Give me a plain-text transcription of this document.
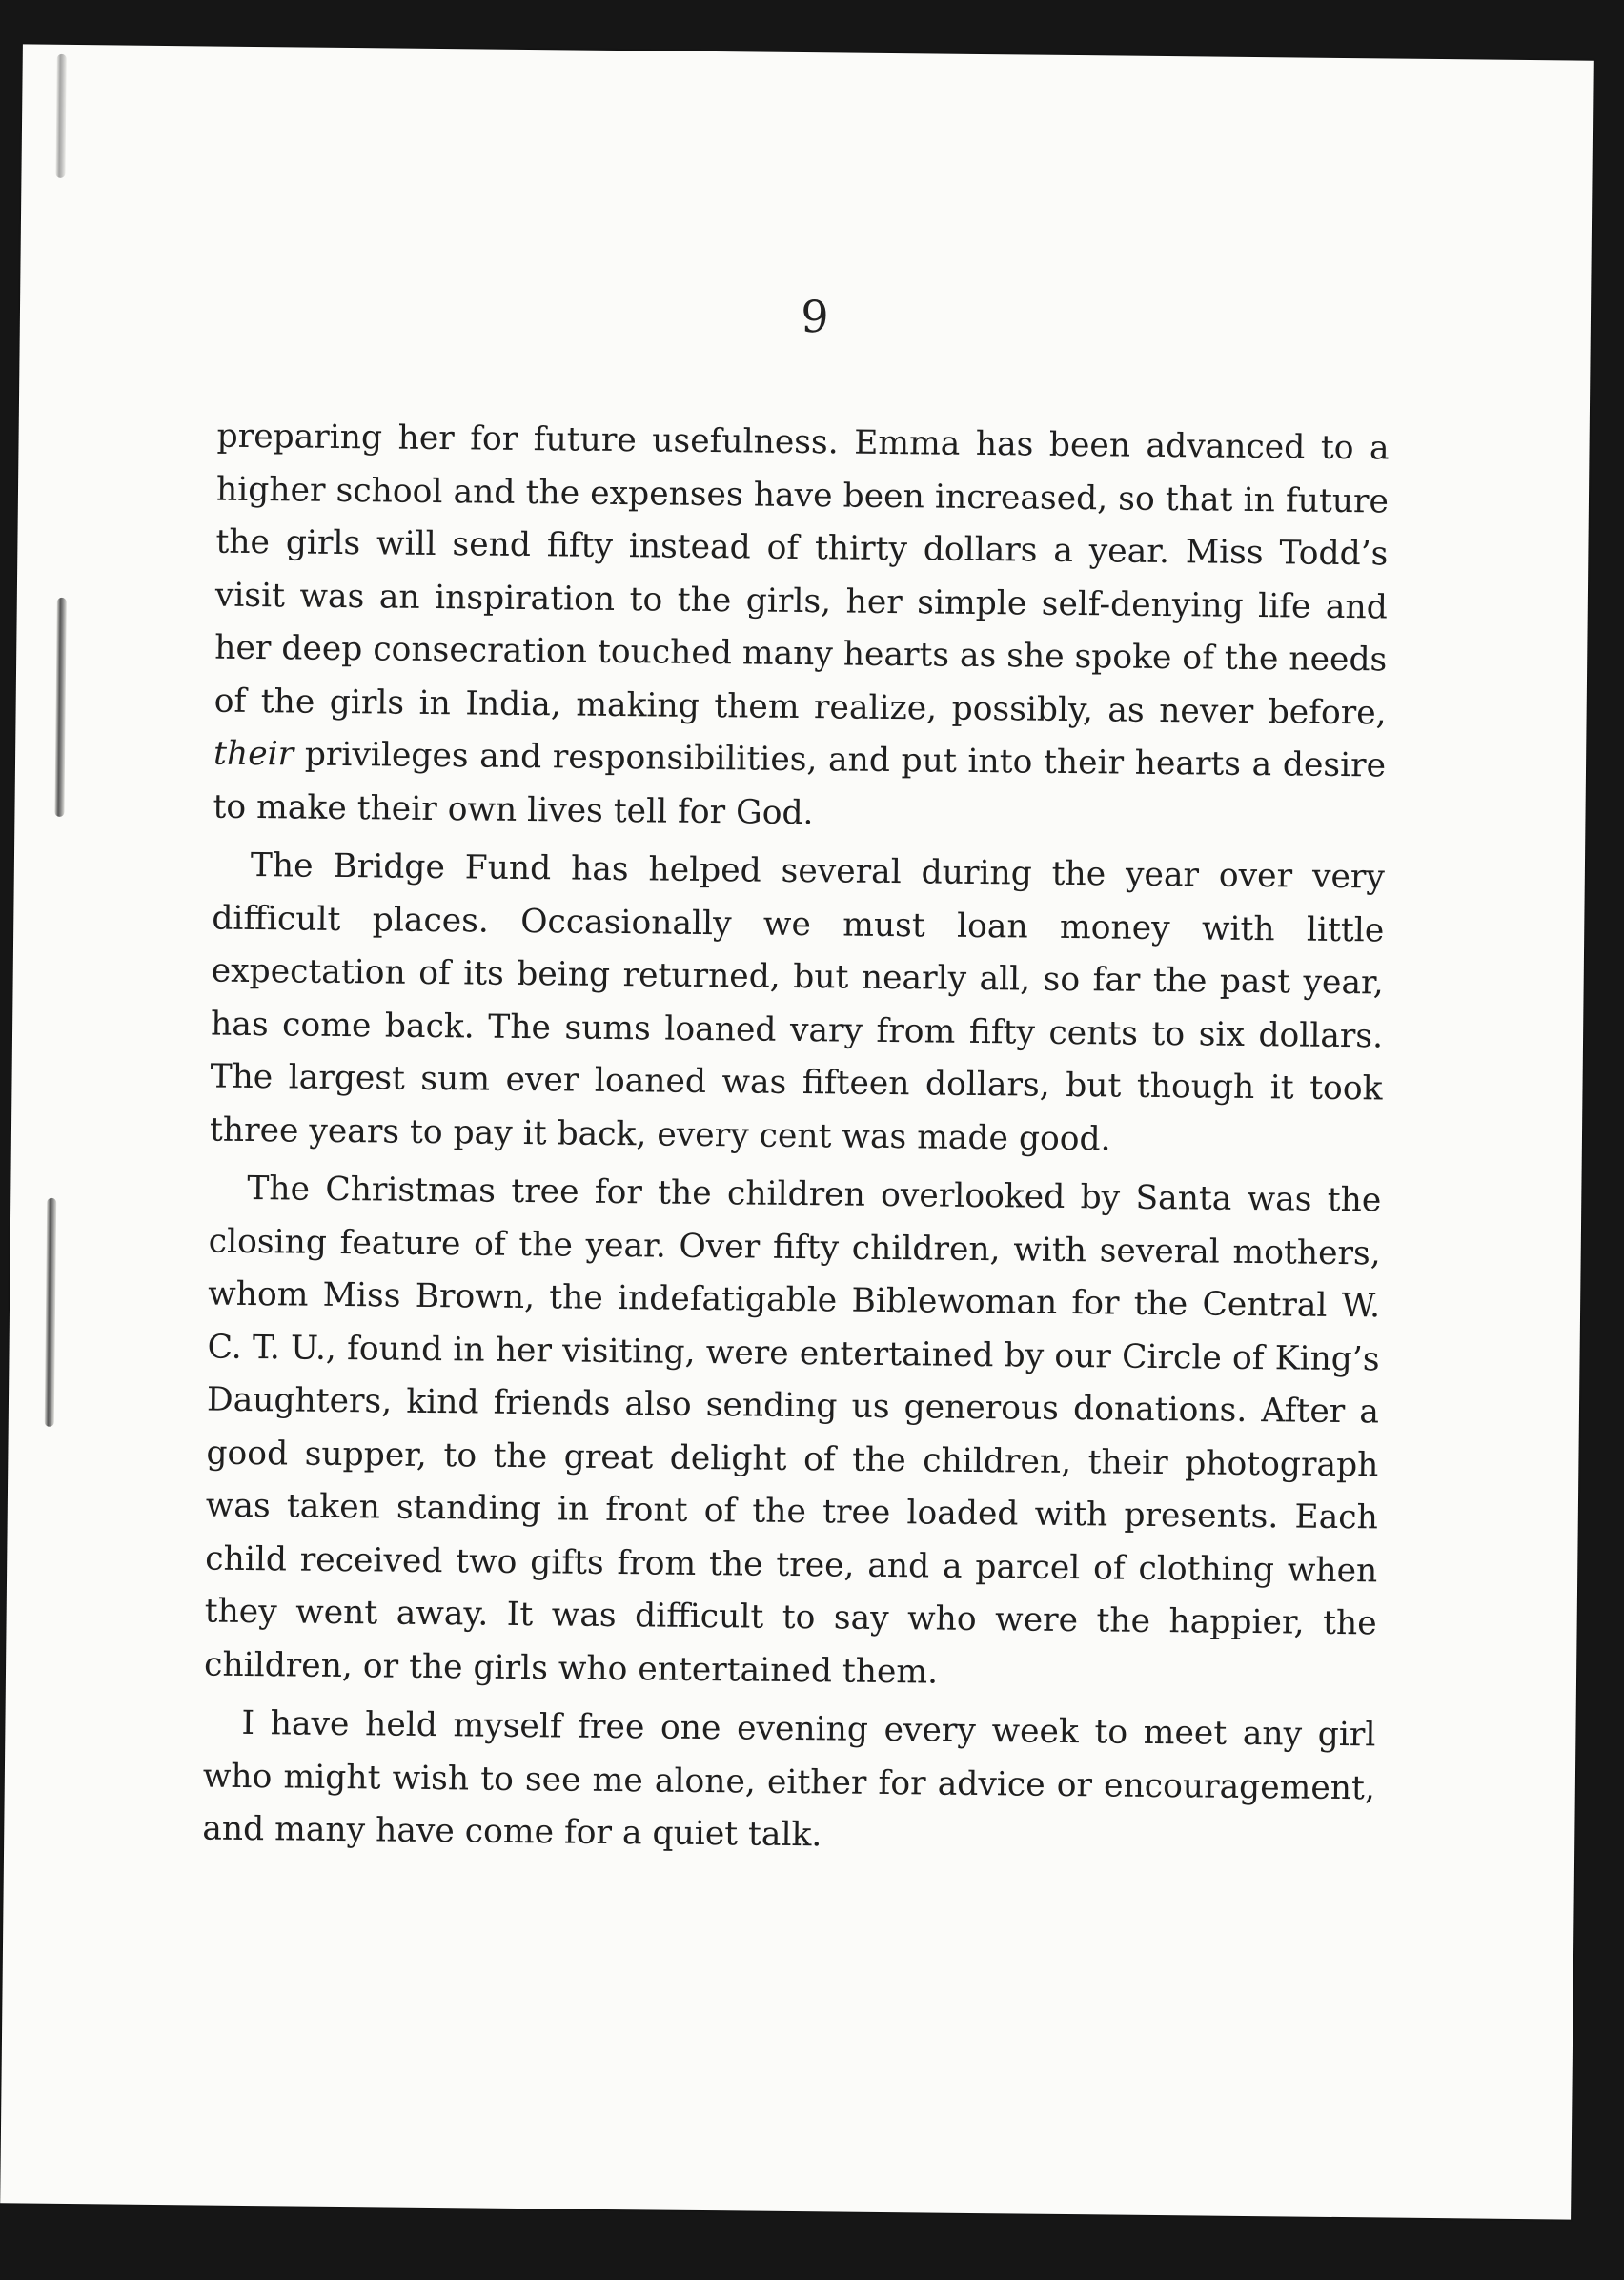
9

preparing her for future usefulness. Emma has been advanced to a higher school and the expenses have been increased, so that in future the girls will send fifty instead of thirty dollars a year. Miss Todd’s visit was an inspiration to the girls, her simple self-denying life and her deep consecration touched many hearts as she spoke of the needs of the girls in India, making them realize, possibly, as never before, their privileges and responsibilities, and put into their hearts a desire to make their own lives tell for God.

The Bridge Fund has helped several during the year over very difficult places. Occasionally we must loan money with little expectation of its being returned, but nearly all, so far the past year, has come back. The sums loaned vary from fifty cents to six dollars. The largest sum ever loaned was fifteen dollars, but though it took three years to pay it back, every cent was made good.

The Christmas tree for the children overlooked by Santa was the closing feature of the year. Over fifty children, with several mothers, whom Miss Brown, the indefatigable Biblewoman for the Central W. C. T. U., found in her visiting, were entertained by our Circle of King’s Daughters, kind friends also sending us generous donations. After a good supper, to the great delight of the children, their photograph was taken standing in front of the tree loaded with presents. Each child received two gifts from the tree, and a parcel of clothing when they went away. It was difficult to say who were the happier, the children, or the girls who entertained them.

I have held myself free one evening every week to meet any girl who might wish to see me alone, either for advice or encouragement, and many have come for a quiet talk.
